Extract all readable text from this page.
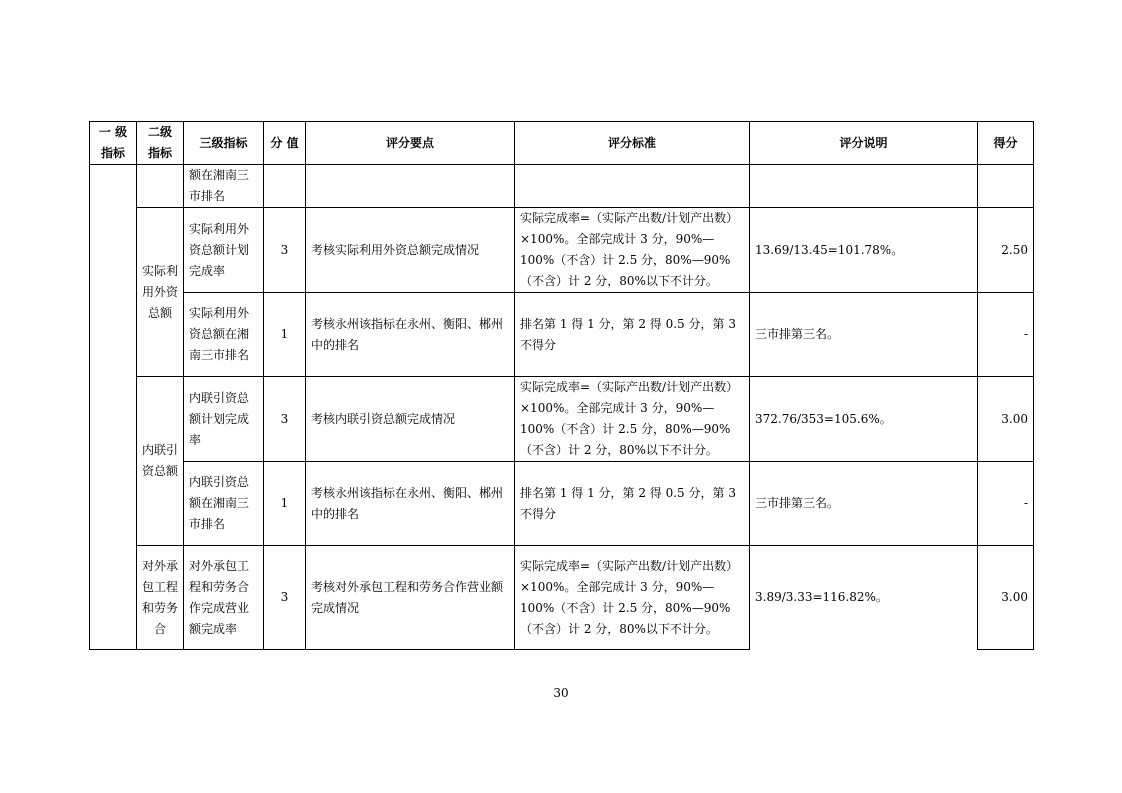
一 级 指标	二级 指标	三级指标	分 值	评分要点	评分标准	评分说明	得分
		额在湘南三市排名					
	实际利用外资总额	实际利用外资总额计划完成率	3	考核实际利用外资总额完成情况	实际完成率=（实际产出数/计划产出数）×100%。全部完成计 3 分，90%—100%（不含）计 2.5 分，80%—90%（不含）计 2 分，80%以下不计分。	13.69/13.45=101.78%。	2.50
		实际利用外资总额在湘南三市排名	1	考核永州该指标在永州、衡阳、郴州中的排名	排名第 1 得 1 分，第 2 得 0.5 分，第 3 不得分	三市排第三名。	-
	内联引资总额	内联引资总额计划完成率	3	考核内联引资总额完成情况	实际完成率=（实际产出数/计划产出数）×100%。全部完成计 3 分，90%—100%（不含）计 2.5 分，80%—90%（不含）计 2 分，80%以下不计分。	372.76/353=105.6%。	3.00
		内联引资总额在湘南三市排名	1	考核永州该指标在永州、衡阳、郴州中的排名	排名第 1 得 1 分，第 2 得 0.5 分，第 3 不得分	三市排第三名。	-
	对外承包工程和劳务合	对外承包工程和劳务合作完成营业额完成率	3	考核对外承包工程和劳务合作营业额完成情况	实际完成率=（实际产出数/计划产出数）×100%。全部完成计 3 分，90%—100%（不含）计 2.5 分，80%—90%（不含）计 2 分，80%以下不计分。	3.89/3.33=116.82%。	3.00
30
